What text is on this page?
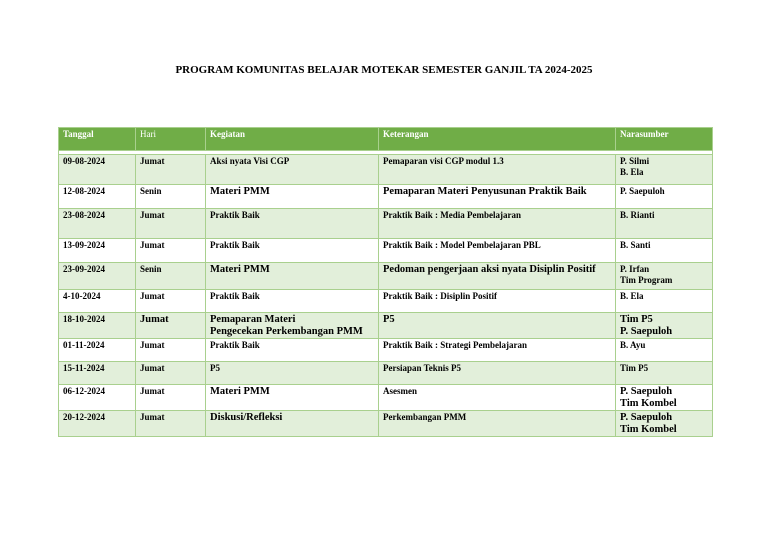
PROGRAM KOMUNITAS BELAJAR MOTEKAR SEMESTER GANJIL TA 2024-2025
Tanggal	Hari	Kegiatan	Keterangan	Narasumber

09-08-2024	Jumat	Aksi nyata Visi CGP	Pemaparan visi CGP modul 1.3	P. Silmi
B. Ela

12-08-2024	Senin	Materi PMM	Pemaparan Materi Penyusunan Praktik Baik	P. Saepuloh

23-08-2024	Jumat	Praktik Baik	Praktik Baik : Media Pembelajaran	B. Rianti

13-09-2024	Jumat	Praktik Baik	Praktik Baik : Model Pembelajaran PBL	B. Santi

23-09-2024	Senin	Materi PMM	Pedoman pengerjaan aksi nyata Disiplin Positif	P. Irfan
Tim Program

4-10-2024	Jumat	Praktik Baik	Praktik Baik : Disiplin Positif	B. Ela

18-10-2024	Jumat	Pemaparan Materi
Pengecekan Perkembangan PMM	P5	Tim P5
P. Saepuloh

01-11-2024	Jumat	Praktik Baik	Praktik Baik : Strategi Pembelajaran	B. Ayu

15-11-2024	Jumat	P5	Persiapan Teknis P5	Tim P5

06-12-2024	Jumat	Materi PMM	Asesmen	P. Saepuloh
Tim Kombel

20-12-2024	Jumat	Diskusi/Refleksi	Perkembangan PMM	P. Saepuloh
Tim Kombel
